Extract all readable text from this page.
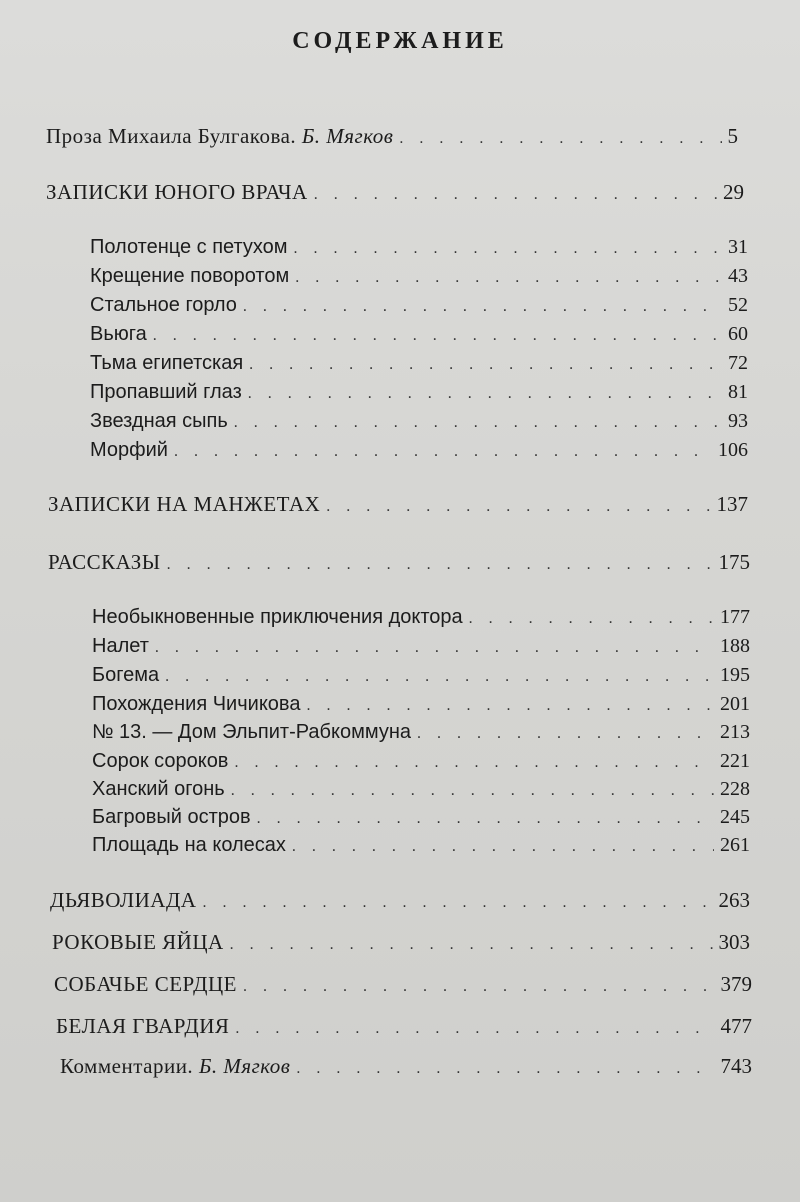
СОДЕРЖАНИЕ
Проза Михаила Булгакова. Б. Мягков . . .	5
ЗАПИСКИ ЮНОГО ВРАЧА . . .	29
Полотенце с петухом . . .	31
Крещение поворотом . . .	43
Стальное горло . . .	52
Вьюга . . .	60
Тьма египетская . . .	72
Пропавший глаз . . .	81
Звездная сыпь . . .	93
Морфий . . .	106
ЗАПИСКИ НА МАНЖЕТАХ . . .	137
РАССКАЗЫ . . .	175
Необыкновенные приключения доктора . . .	177
Налет . . .	188
Богема . . .	195
Похождения Чичикова . . .	201
№ 13. — Дом Эльпит-Рабкоммуна . . .	213
Сорок сороков . . .	221
Ханский огонь . . .	228
Багровый остров . . .	245
Площадь на колесах . . .	261
ДЬЯВОЛИАДА . . .	263
РОКОВЫЕ ЯЙЦА . . .	303
СОБАЧЬЕ СЕРДЦЕ . . .	379
БЕЛАЯ ГВАРДИЯ . . .	477
Комментарии. Б. Мягков . . .	743
